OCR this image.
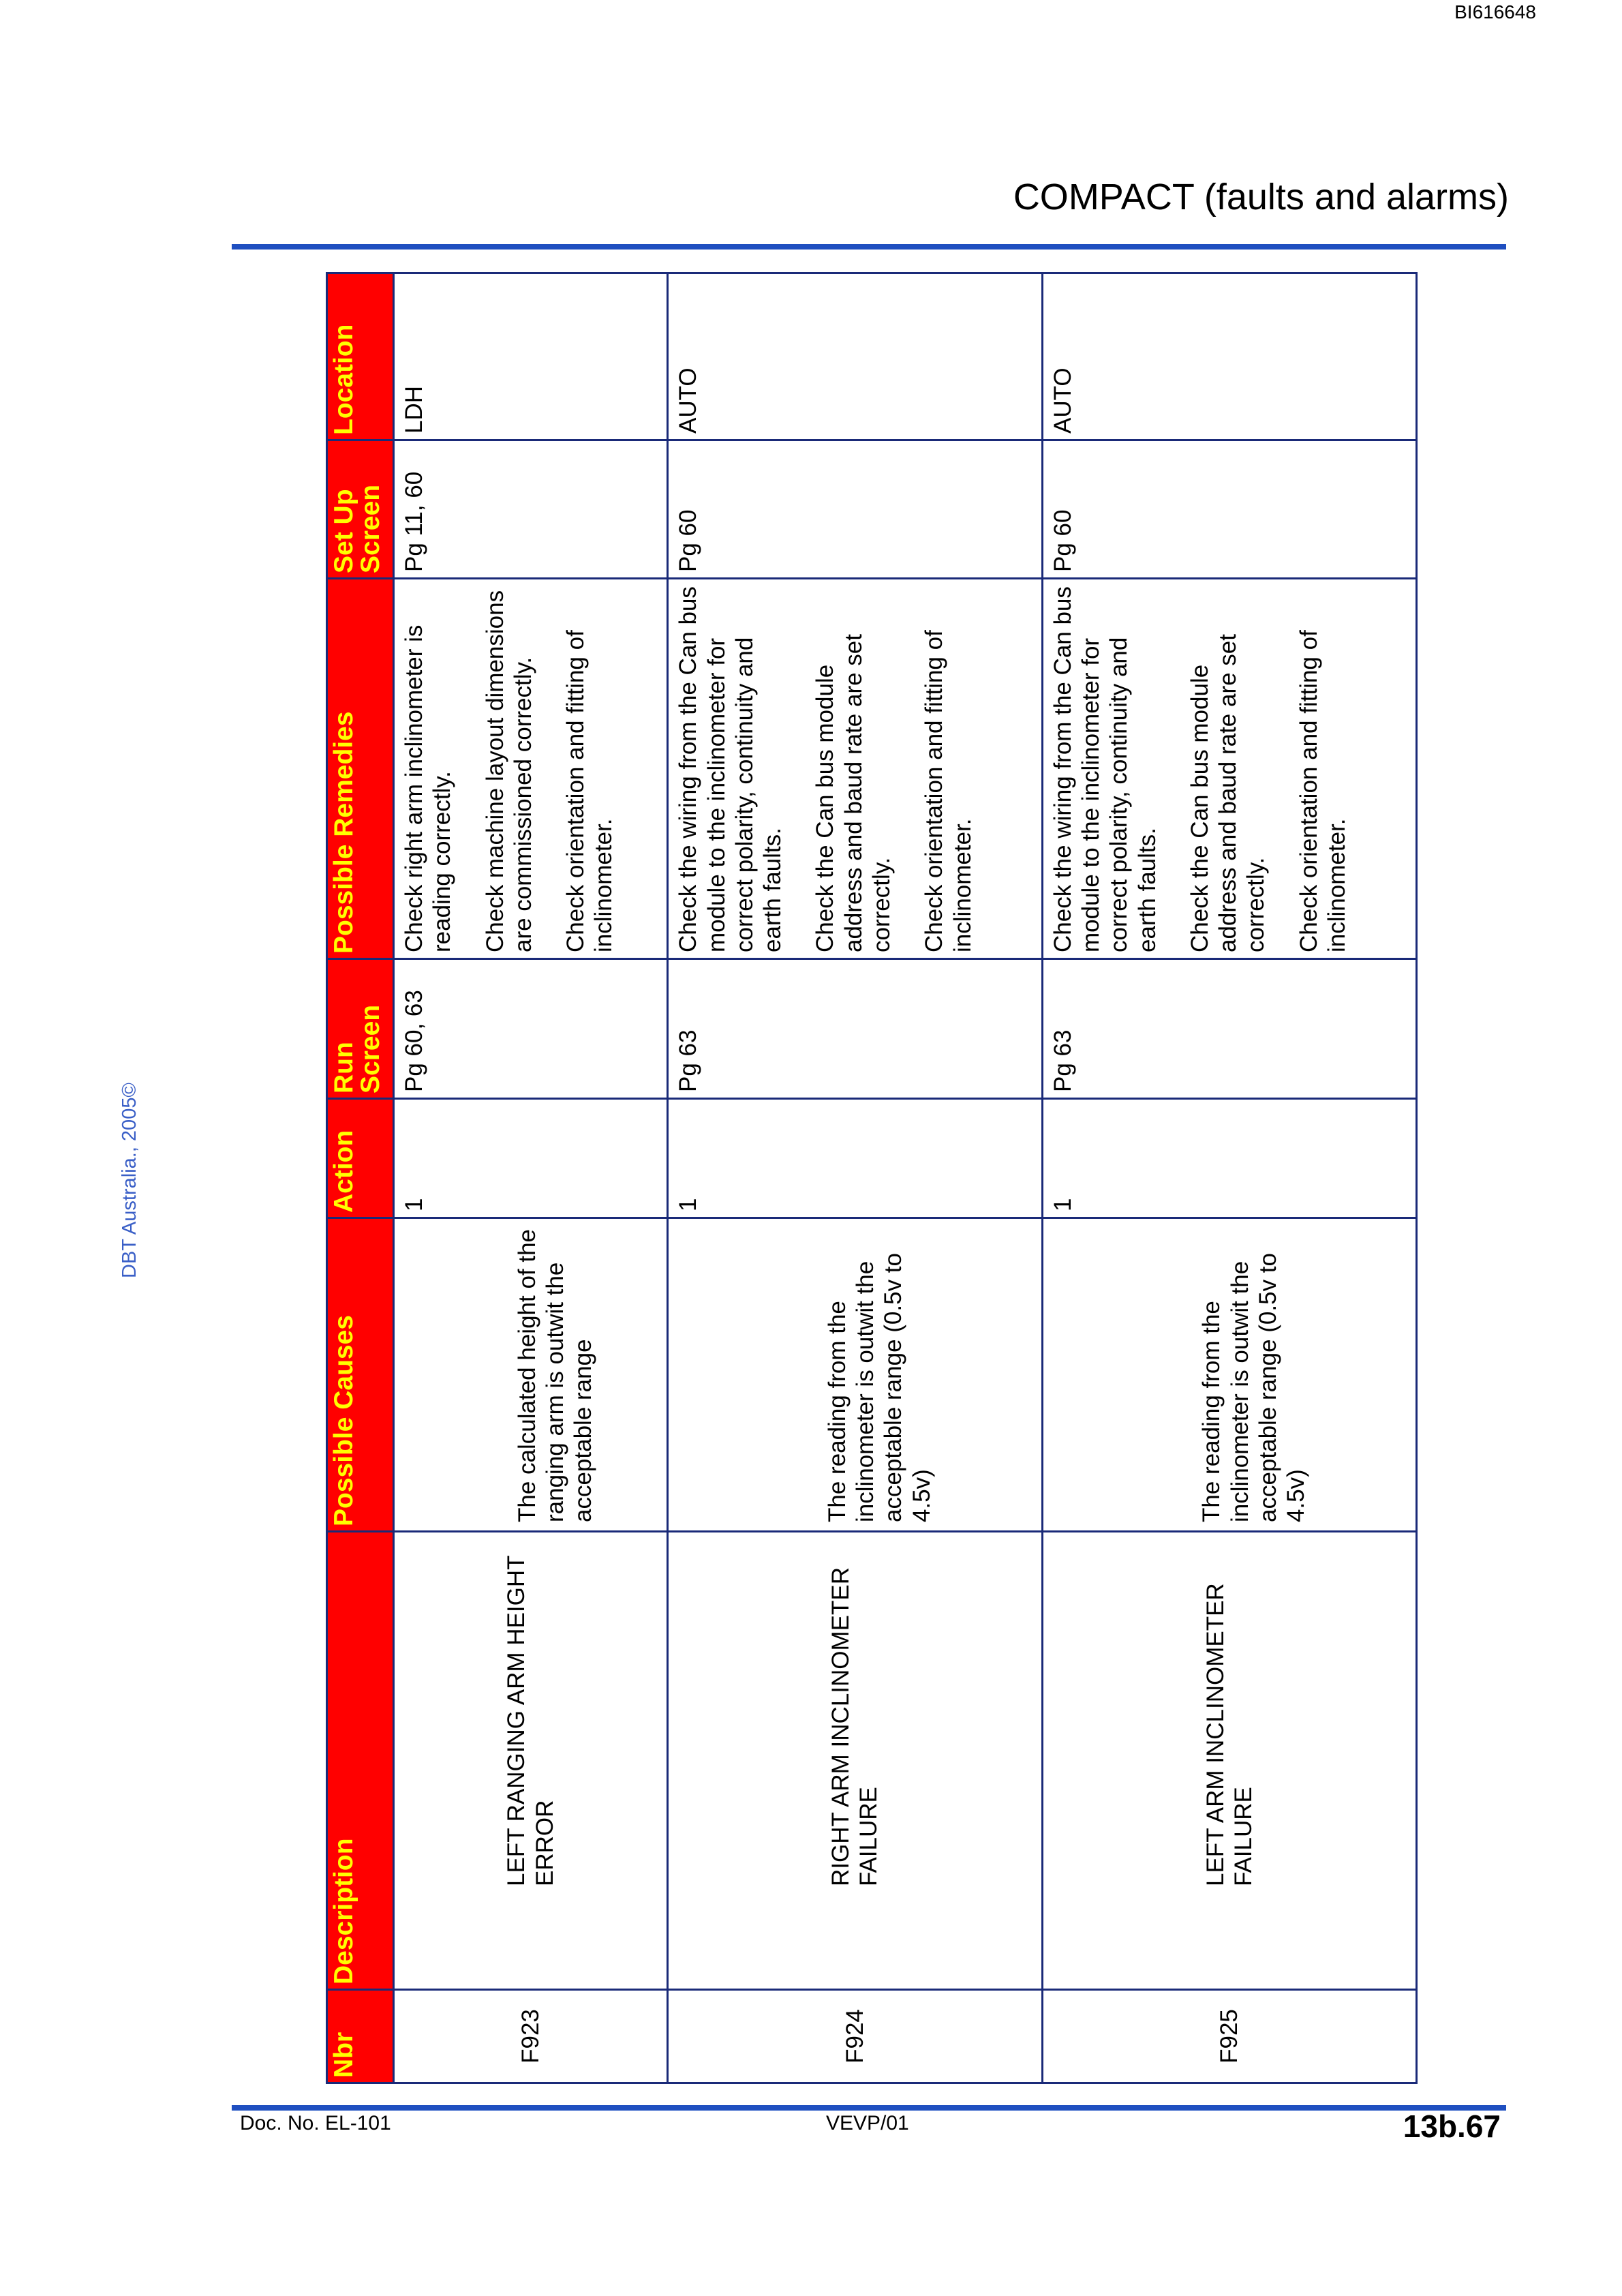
BI616648
COMPACT (faults and alarms)
DBT Australia., 2005©
Nbr	Description	Possible Causes	Action	Run Screen	Possible Remedies	Set Up Screen	Location
F923	LEFT RANGING ARM HEIGHT ERROR	The calculated height of the ranging arm is outwit the acceptable range	1	Pg 60, 63	Check right arm inclinometer is reading correctly. Check machine layout dimensions are commissioned correctly. Check orientation and fitting of inclinometer.	Pg 11, 60	LDH
F924	RIGHT ARM INCLINOMETER FAILURE	The reading from the inclinometer is outwit the acceptable range (0.5v to 4.5v)	1	Pg 63	Check the wiring from the Can bus module to the inclinometer for correct polarity, continuity and earth faults. Check the Can bus module address and baud rate are set correctly. Check orientation and fitting of inclinometer.	Pg 60	AUTO
F925	LEFT ARM INCLINOMETER FAILURE	The reading from the inclinometer is outwit the acceptable range (0.5v to 4.5v)	1	Pg 63	Check the wiring from the Can bus module to the inclinometer for correct polarity, continuity and earth faults. Check the Can bus module address and baud rate are set correctly. Check orientation and fitting of inclinometer.	Pg 60	AUTO
Doc. No. EL-101	VEVP/01	13b.67
